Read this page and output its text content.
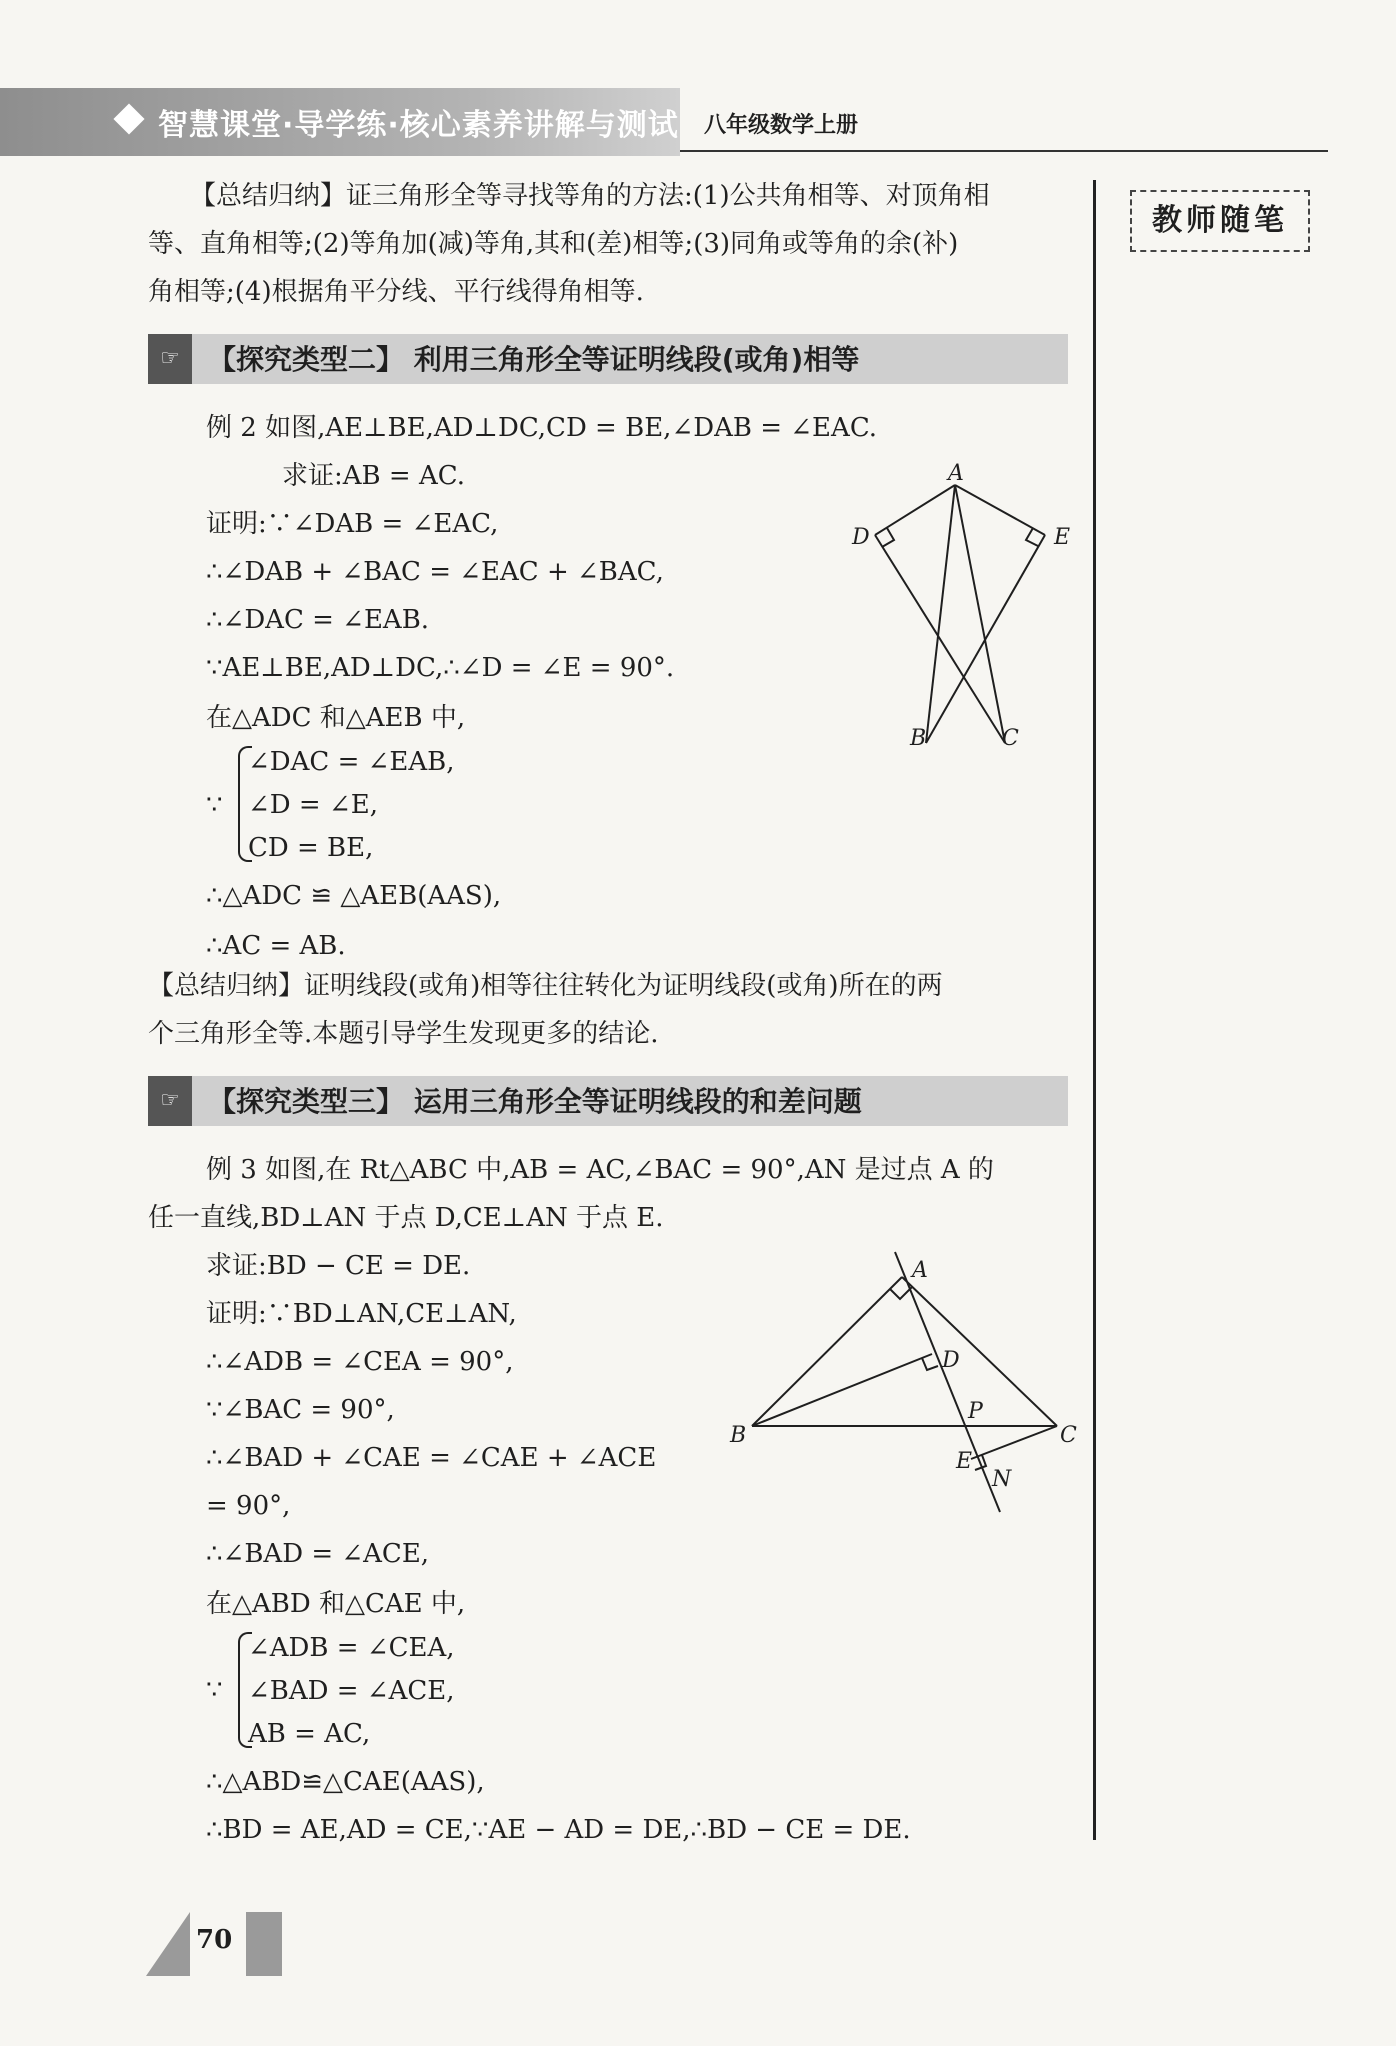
智慧课堂·导学练·核心素养讲解与测试 八年级数学上册
教师随笔
【总结归纳】证三角形全等寻找等角的方法:(1)公共角相等、对顶角相
等、直角相等;(2)等角加(减)等角,其和(差)相等;(3)同角或等角的余(补)
角相等;(4)根据角平分线、平行线得角相等.
☞	【探究类型二】 利用三角形全等证明线段(或角)相等
例 2 如图,AE⊥BE,AD⊥DC,CD = BE,∠DAB = ∠EAC.
求证:AB = AC.
证明:∵∠DAB = ∠EAC,
∴∠DAB + ∠BAC = ∠EAC + ∠BAC,
∴∠DAC = ∠EAB.
∵AE⊥BE,AD⊥DC,∴∠D = ∠E = 90°.
在△ADC 和△AEB 中,
∵
∠DAC = ∠EAB,
∠D = ∠E,
CD = BE,
∴△ADC ≌ △AEB(AAS),
∴AC = AB.
A
D	E
B	C
【总结归纳】证明线段(或角)相等往往转化为证明线段(或角)所在的两
个三角形全等.本题引导学生发现更多的结论.
☞	【探究类型三】 运用三角形全等证明线段的和差问题
例 3 如图,在 Rt△ABC 中,AB = AC,∠BAC = 90°,AN 是过点 A 的
任一直线,BD⊥AN 于点 D,CE⊥AN 于点 E.
求证:BD − CE = DE.
证明:∵BD⊥AN,CE⊥AN,
∴∠ADB = ∠CEA = 90°,
∵∠BAC = 90°,
∴∠BAD + ∠CAE = ∠CAE + ∠ACE
= 90°,
∴∠BAD = ∠ACE,
在△ABD 和△CAE 中,
∵
∠ADB = ∠CEA,
∠BAD = ∠ACE,
AB = AC,
∴△ABD≌△CAE(AAS),
∴BD = AE,AD = CE,∵AE − AD = DE,∴BD − CE = DE.
A
D
P
B	C
E
N
70
